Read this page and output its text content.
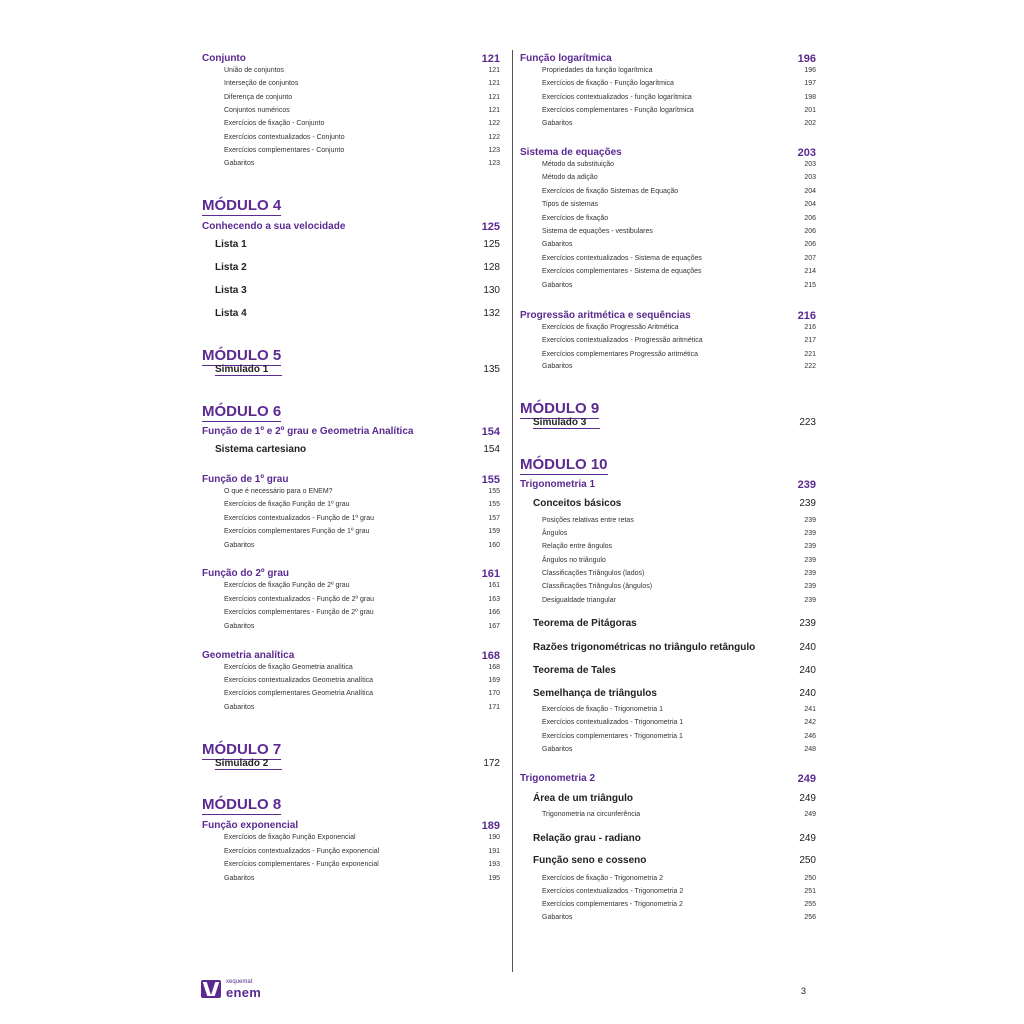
Conjunto	121
União de conjuntos	121
Interseção de conjuntos	121
Diferença de conjunto	121
Conjuntos numéricos	121
Exercícios de fixação - Conjunto	122
Exercícios contextualizados - Conjunto	122
Exercícios complementares - Conjunto	123
Gabaritos	123
MÓDULO 4
Conhecendo a sua velocidade	125
Lista 1	125
Lista 2	128
Lista 3	130
Lista 4	132
MÓDULO 5
Simulado 1	135
MÓDULO 6
Função de 1º e 2º grau e Geometria Analítica	154
Sistema cartesiano	154
Função de 1º grau	155
O que é necessário para o ENEM?	155
Exercícios de fixação Função de 1º grau	155
Exercícios contextualizados - Função de 1º grau	157
Exercícios complementares Função de 1º grau	159
Gabaritos	160
Função do 2º grau	161
Exercícios de fixação Função de 2º grau	161
Exercícios contextualizados - Função de 2º grau	163
Exercícios complementares - Função de 2º grau	166
Gabaritos	167
Geometria analítica	168
Exercícios de fixação Geometria analítica	168
Exercícios contextualizados Geometria analítica	169
Exercícios complementares Geometria Analítica	170
Gabaritos	171
MÓDULO 7
Simulado 2	172
MÓDULO 8
Função exponencial	189
Exercícios de fixação Função Exponencial	190
Exercícios contextualizados - Função exponencial	191
Exercícios complementares - Função exponencial	193
Gabaritos	195
Função logarítmica	196
Propriedades da função logarítmica	196
Exercícios de fixação - Função logarítmica	197
Exercícios contextualizados - função logarítmica	198
Exercícios complementares - Função logarítmica	201
Gabaritos	202
Sistema de equações	203
Método da substituição	203
Método da adição	203
Exercícios de fixação Sistemas de Equação	204
Tipos de sistemas	204
Exercícios de fixação	206
Sistema de equações - vestibulares	206
Gabaritos	206
Exercícios contextualizados - Sistema de equações	207
Exercícios complementares - Sistema de equações	214
Gabaritos	215
Progressão aritmética e sequências	216
Exercícios de fixação Progressão Aritmética	216
Exercícios contextualizados - Progressão aritmética	217
Exercícios complementares Progressão aritmética	221
Gabaritos	222
MÓDULO 9
Simulado 3	223
MÓDULO 10
Trigonometria 1	239
Conceitos básicos	239
Posições relativas entre retas	239
Ângulos	239
Relação entre ângulos	239
Ângulos no triângulo	239
Classificações Triângulos (lados)	239
Classificações Triângulos (ângulos)	239
Desigualdade triangular	239
Teorema de Pitágoras	239
Razões trigonométricas no triângulo retângulo	240
Teorema de Tales	240
Semelhança de triângulos	240
Exercícios de fixação - Trigonometria 1	241
Exercícios contextualizados - Trigonometria 1	242
Exercícios complementares - Trigonometria 1	246
Gabaritos	248
Trigonometria 2	249
Área de um triângulo	249
Trigonometria na circunferência	249
Relação grau - radiano	249
Função seno e cosseno	250
Exercícios de fixação - Trigonometria 2	250
Exercícios contextualizados - Trigonometria 2	251
Exercícios complementares - Trigonometria 2	255
Gabaritos	256
xequemat
enem	3
